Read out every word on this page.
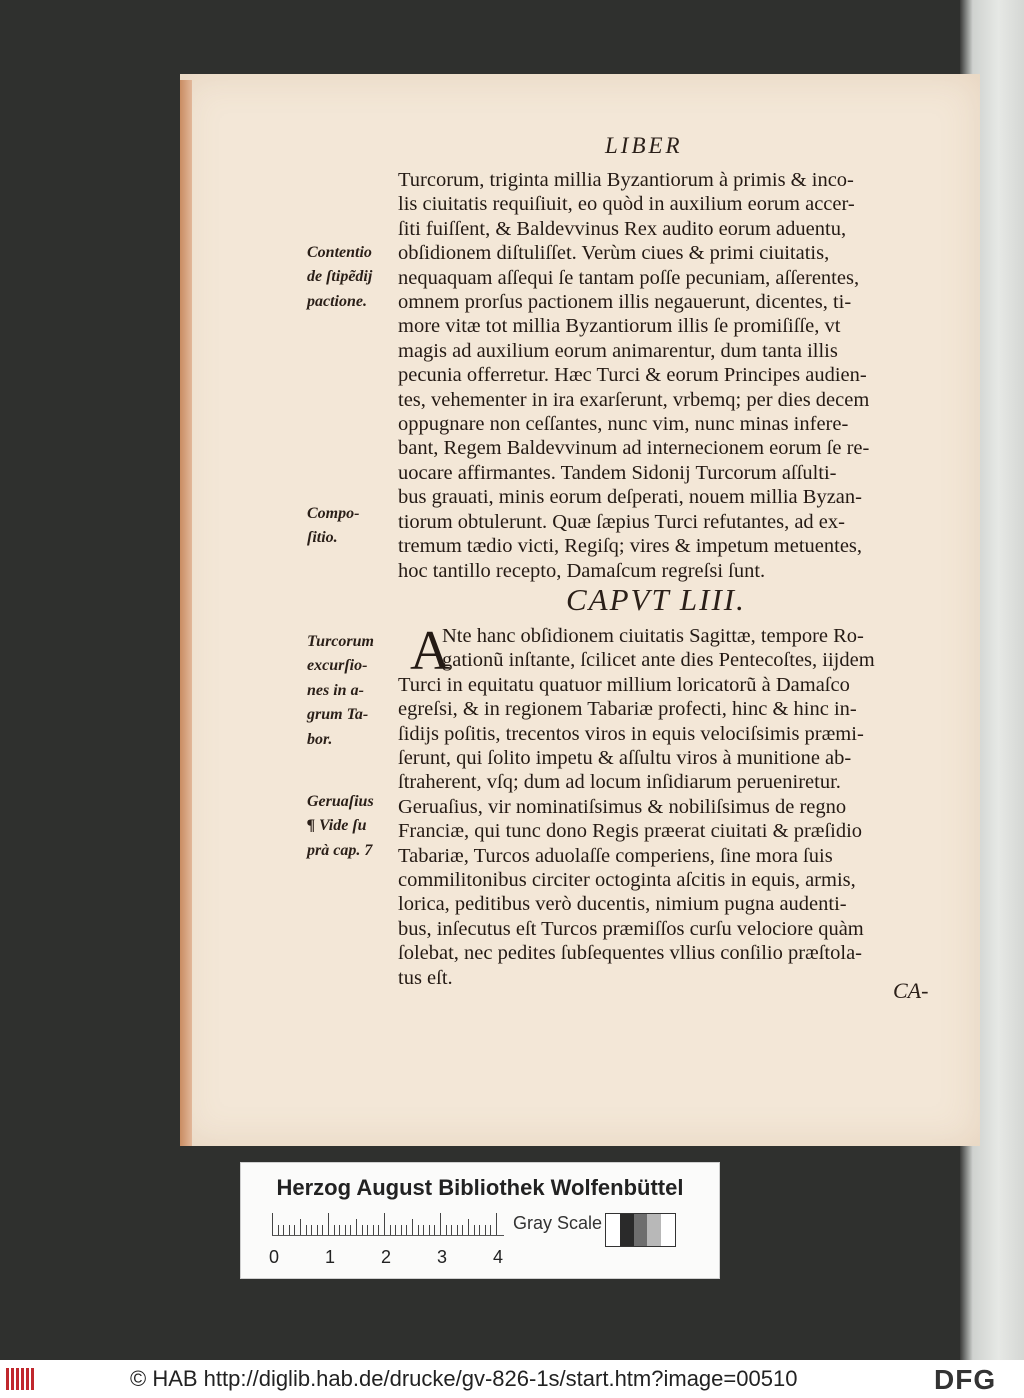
LIBER
Turcorum, triginta millia Byzantiorum à primis & inco-
lis ciuitatis requiſiuit, eo quòd in auxilium eorum accer-
ſiti fuiſſent, & Baldevvinus Rex audito eorum aduentu,
obſidionem diſtuliſſet. Verùm ciues & primi ciuitatis,
nequaquam aſſequi ſe tantam poſſe pecuniam, aſſerentes,
omnem prorſus pactionem illis negauerunt, dicentes, ti-
more vitæ tot millia Byzantiorum illis ſe promiſiſſe, vt
magis ad auxilium eorum animarentur, dum tanta illis
pecunia offerretur. Hæc Turci & eorum Principes audien-
tes, vehementer in ira exarſerunt, vrbemq; per dies decem
oppugnare non ceſſantes, nunc vim, nunc minas infere-
bant, Regem Baldevvinum ad internecionem eorum ſe re-
uocare affirmantes. Tandem Sidonij Turcorum aſſulti-
bus grauati, minis eorum deſperati, nouem millia Byzan-
tiorum obtulerunt. Quæ ſæpius Turci refutantes, ad ex-
tremum tædio victi, Regiſq; vires & impetum metuentes,
hoc tantillo recepto, Damaſcum regreſsi ſunt.
Contentio
de ſtipẽdij
pactione.
Compo-
ſitio.
CAPVT LIII.
A
Nte hanc obſidionem ciuitatis Sagittæ, tempore Ro-
gationũ inſtante, ſcilicet ante dies Pentecoſtes, iijdem
Turci in equitatu quatuor millium loricatorũ à Damaſco
egreſsi, & in regionem Tabariæ profecti, hinc & hinc in-
ſidijs poſitis, trecentos viros in equis velociſsimis præmi-
ſerunt, qui ſolito impetu & aſſultu viros à munitione ab-
ſtraherent, vſq; dum ad locum inſidiarum perueniretur.
Geruaſius, vir nominatiſsimus & nobiliſsimus de regno
Franciæ, qui tunc dono Regis præerat ciuitati & præſidio
Tabariæ, Turcos aduolaſſe comperiens, ſine mora ſuis
commilitonibus circiter octoginta aſcitis in equis, armis,
lorica, peditibus verò ducentis, nimium pugna audenti-
bus, inſecutus eſt Turcos præmiſſos curſu velociore quàm
ſolebat, nec pedites ſubſequentes vllius conſilio præſtola-
tus eſt.
Turcorum
excurſio-
nes in a-
grum Ta-
bor.
Geruaſius
¶ Vide ſu
prà cap. 7
CA-
Herzog August Bibliothek Wolfenbüttel
0	1	2	3	4
Gray Scale
© HAB http://diglib.hab.de/drucke/gv-826-1s/start.htm?image=00510	DFG
